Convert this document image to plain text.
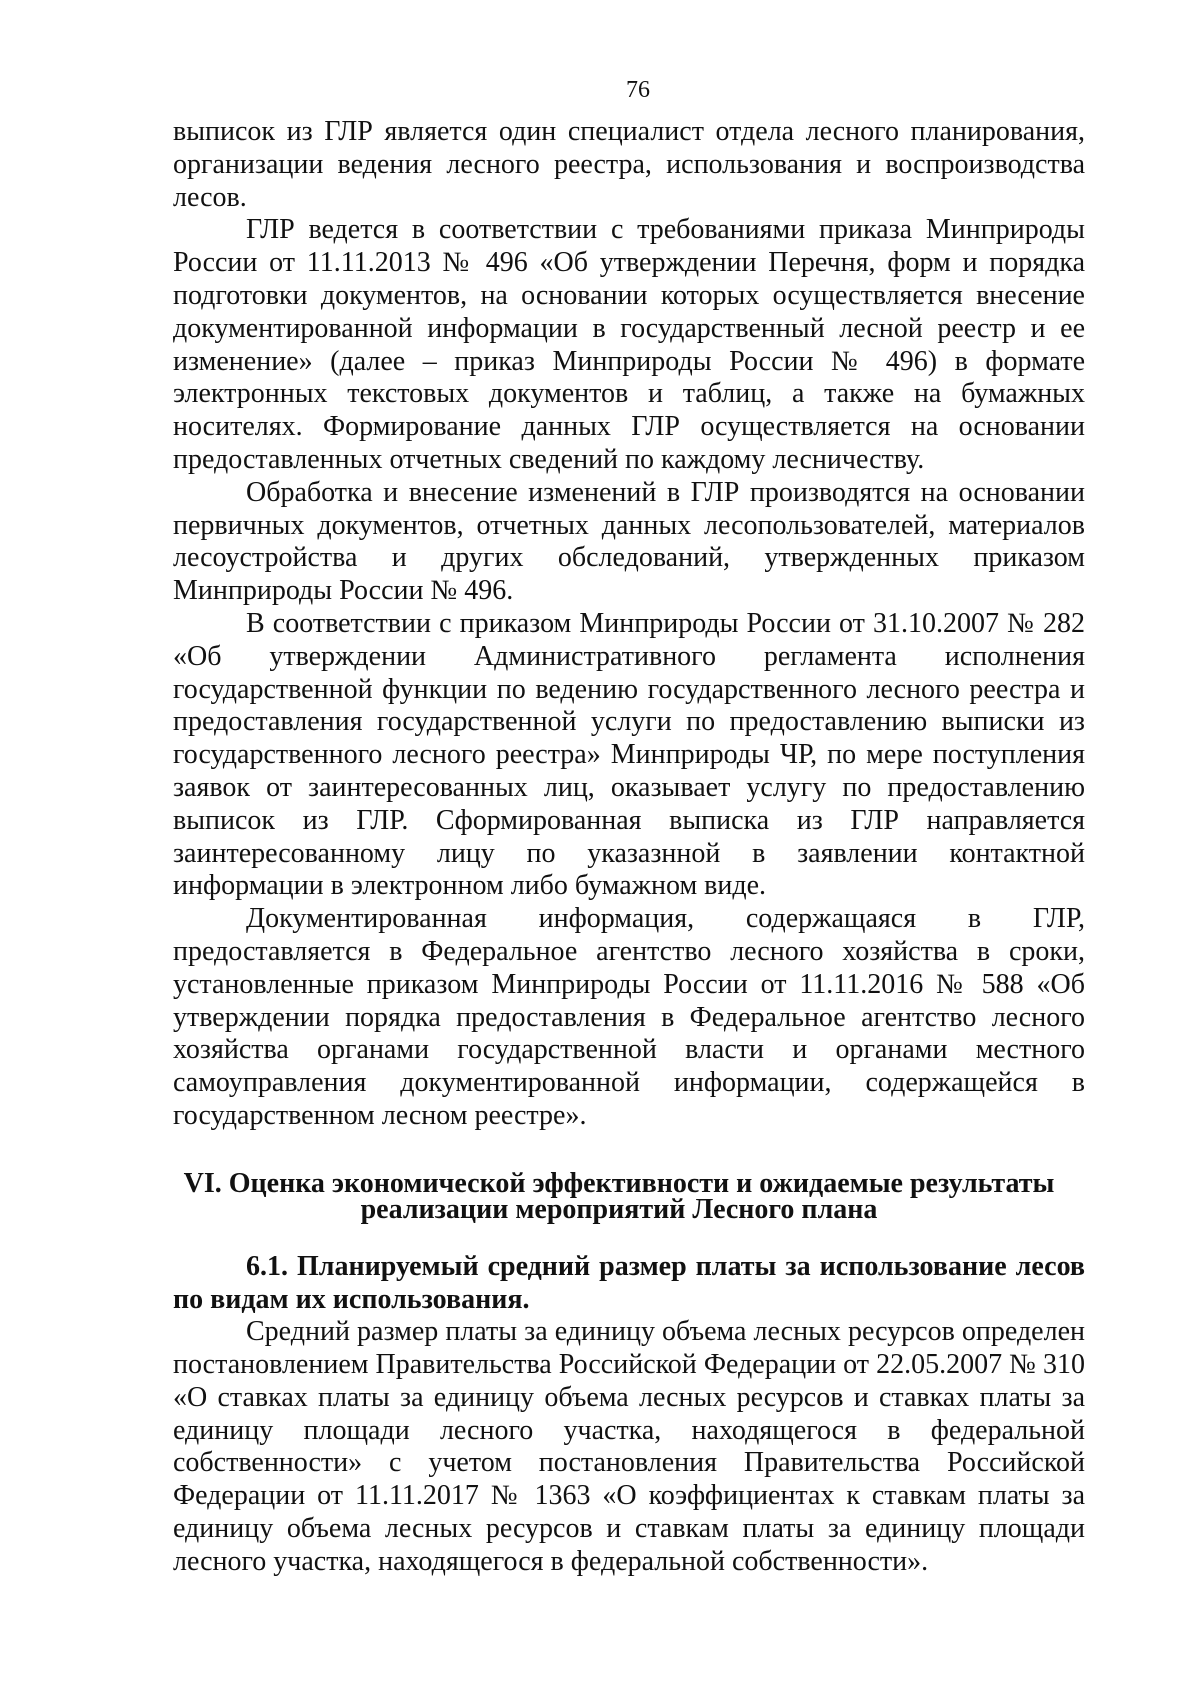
76

выписок из ГЛР является один специалист отдела лесного планирования, организации ведения лесного реестра, использования и воспроизводства лесов.

ГЛР ведется в соответствии с требованиями приказа Минприроды России от 11.11.2013 № 496 «Об утверждении Перечня, форм и порядка подготовки документов, на основании которых осуществляется внесение документированной информации в государственный лесной реестр и ее изменение» (далее – приказ Минприроды России № 496) в формате электронных текстовых документов и таблиц, а также на бумажных носителях. Формирование данных ГЛР осуществляется на основании предоставленных отчетных сведений по каждому лесничеству.

Обработка и внесение изменений в ГЛР производятся на основании первичных документов, отчетных данных лесопользователей, материалов лесоустройства и других обследований, утвержденных приказом Минприроды России № 496.

В соответствии с приказом Минприроды России от 31.10.2007 № 282 «Об утверждении Административного регламента исполнения государственной функции по ведению государственного лесного реестра и предоставления государственной услуги по предоставлению выписки из государственного лесного реестра» Минприроды ЧР, по мере поступления заявок от заинтересованных лиц, оказывает услугу по предоставлению выписок из ГЛР. Сформированная выписка из ГЛР направляется заинтересованному лицу по указазнной в заявлении контактной информации в электронном либо бумажном виде.

Документированная информация, содержащаяся в ГЛР, предоставляется в Федеральное агентство лесного хозяйства в сроки, установленные приказом Минприроды России от 11.11.2016 № 588 «Об утверждении порядка предоставления в Федеральное агентство лесного хозяйства органами государственной власти и органами местного самоуправления документированной информации, содержащейся в государственном лесном реестре».

VI. Оценка экономической эффективности и ожидаемые результаты
реализации мероприятий Лесного плана
6.1. Планируемый средний размер платы за использование лесов по видам их использования.

Средний размер платы за единицу объема лесных ресурсов определен постановлением Правительства Российской Федерации от 22.05.2007 № 310 «О ставках платы за единицу объема лесных ресурсов и ставках платы за единицу площади лесного участка, находящегося в федеральной собственности» с учетом постановления Правительства Российской Федерации от 11.11.2017 № 1363 «О коэффициентах к ставкам платы за единицу объема лесных ресурсов и ставкам платы за единицу площади лесного участка, находящегося в федеральной собственности».
